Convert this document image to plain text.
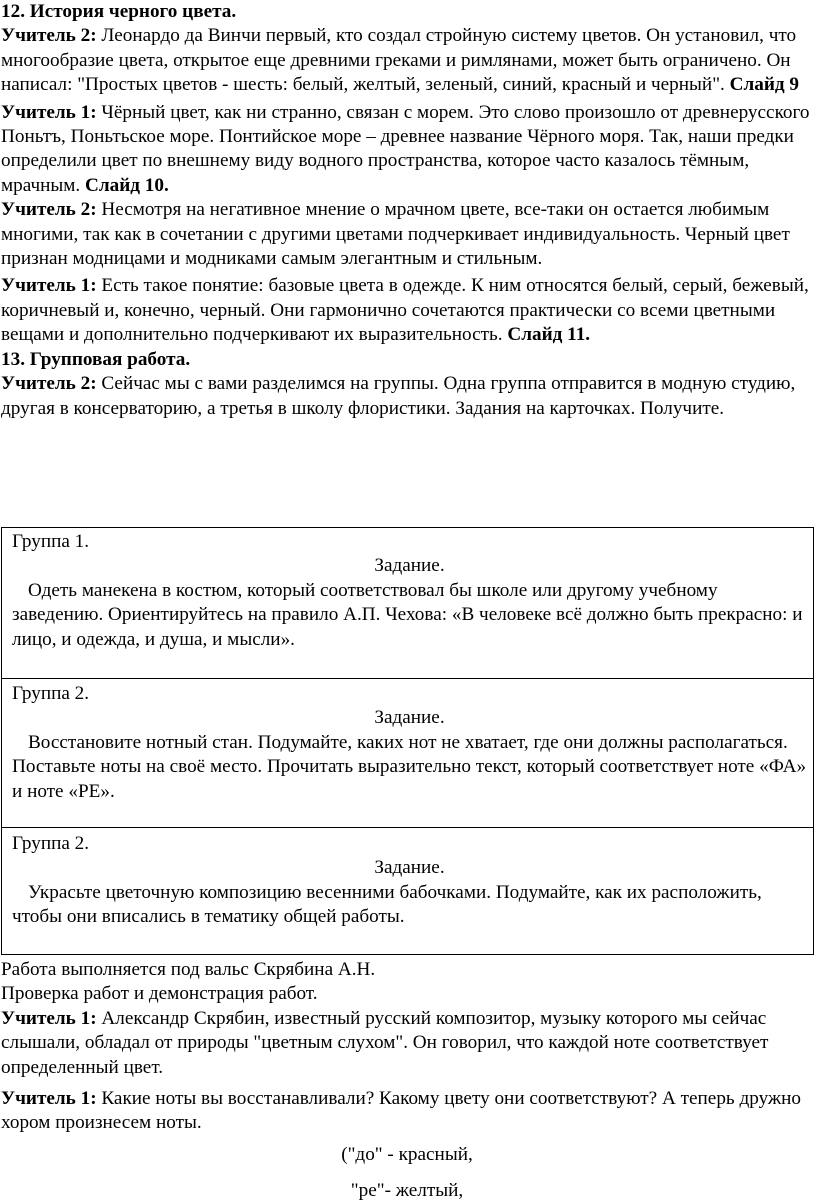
12. История черного цвета.

Учитель 2: Леонардо да Винчи первый, кто создал стройную систему цветов. Он установил, что многообразие цвета, открытое еще древними греками и римлянами, может быть ограничено. Он написал: "Простых цветов - шесть: белый, желтый, зеленый, синий, красный и черный". Слайд 9

Учитель 1: Чёрный цвет, как ни странно, связан с морем. Это слово произошло от древнерусского Поньтъ, Поньтьское море. Понтийское море – древнее название Чёрного моря. Так, наши предки определили цвет по внешнему виду водного пространства, которое часто казалось тёмным, мрачным. Слайд 10.

Учитель 2: Несмотря на негативное мнение о мрачном цвете, все-таки он остается любимым многими, так как в сочетании с другими цветами подчеркивает индивидуальность. Черный цвет признан модницами и модниками самым элегантным и стильным.

Учитель 1: Есть такое понятие: базовые цвета в одежде. К ним относятся белый, серый, бежевый, коричневый и, конечно, черный. Они гармонично сочетаются практически со всеми цветными вещами и дополнительно подчеркивают их выразительность. Слайд 11.

13. Групповая работа.

Учитель 2: Сейчас мы с вами разделимся на группы. Одна группа отправится в модную студию, другая в консерваторию, а третья в школу флористики. Задания на карточках. Получите.

Группа 1.
Задание.
Одеть манекена в костюм, который соответствовал бы школе или другому учебному заведению. Ориентируйтесь на правило А.П. Чехова: «В человеке всё должно быть прекрасно: и лицо, и одежда, и душа, и мысли».
Группа 2.
Задание.
Восстановите нотный стан. Подумайте, каких нот не хватает, где они должны располагаться. Поставьте ноты на своё место. Прочитать выразительно текст, который соответствует ноте «ФА» и ноте «РЕ».
Группа 2.
Задание.
Украсьте цветочную композицию весенними бабочками. Подумайте, как их расположить, чтобы они вписались в тематику общей работы.

Работа выполняется под вальс Скрябина А.Н.

Проверка работ и демонстрация работ.

Учитель 1: Александр Скрябин, известный русский композитор, музыку которого мы сейчас слышали, обладал от природы "цветным слухом". Он говорил, что каждой ноте соответствует определенный цвет.

Учитель 1: Какие ноты вы восстанавливали? Какому цвету они соответствуют? А теперь дружно хором произнесем ноты.

("до" - красный,

"ре"- желтый,
